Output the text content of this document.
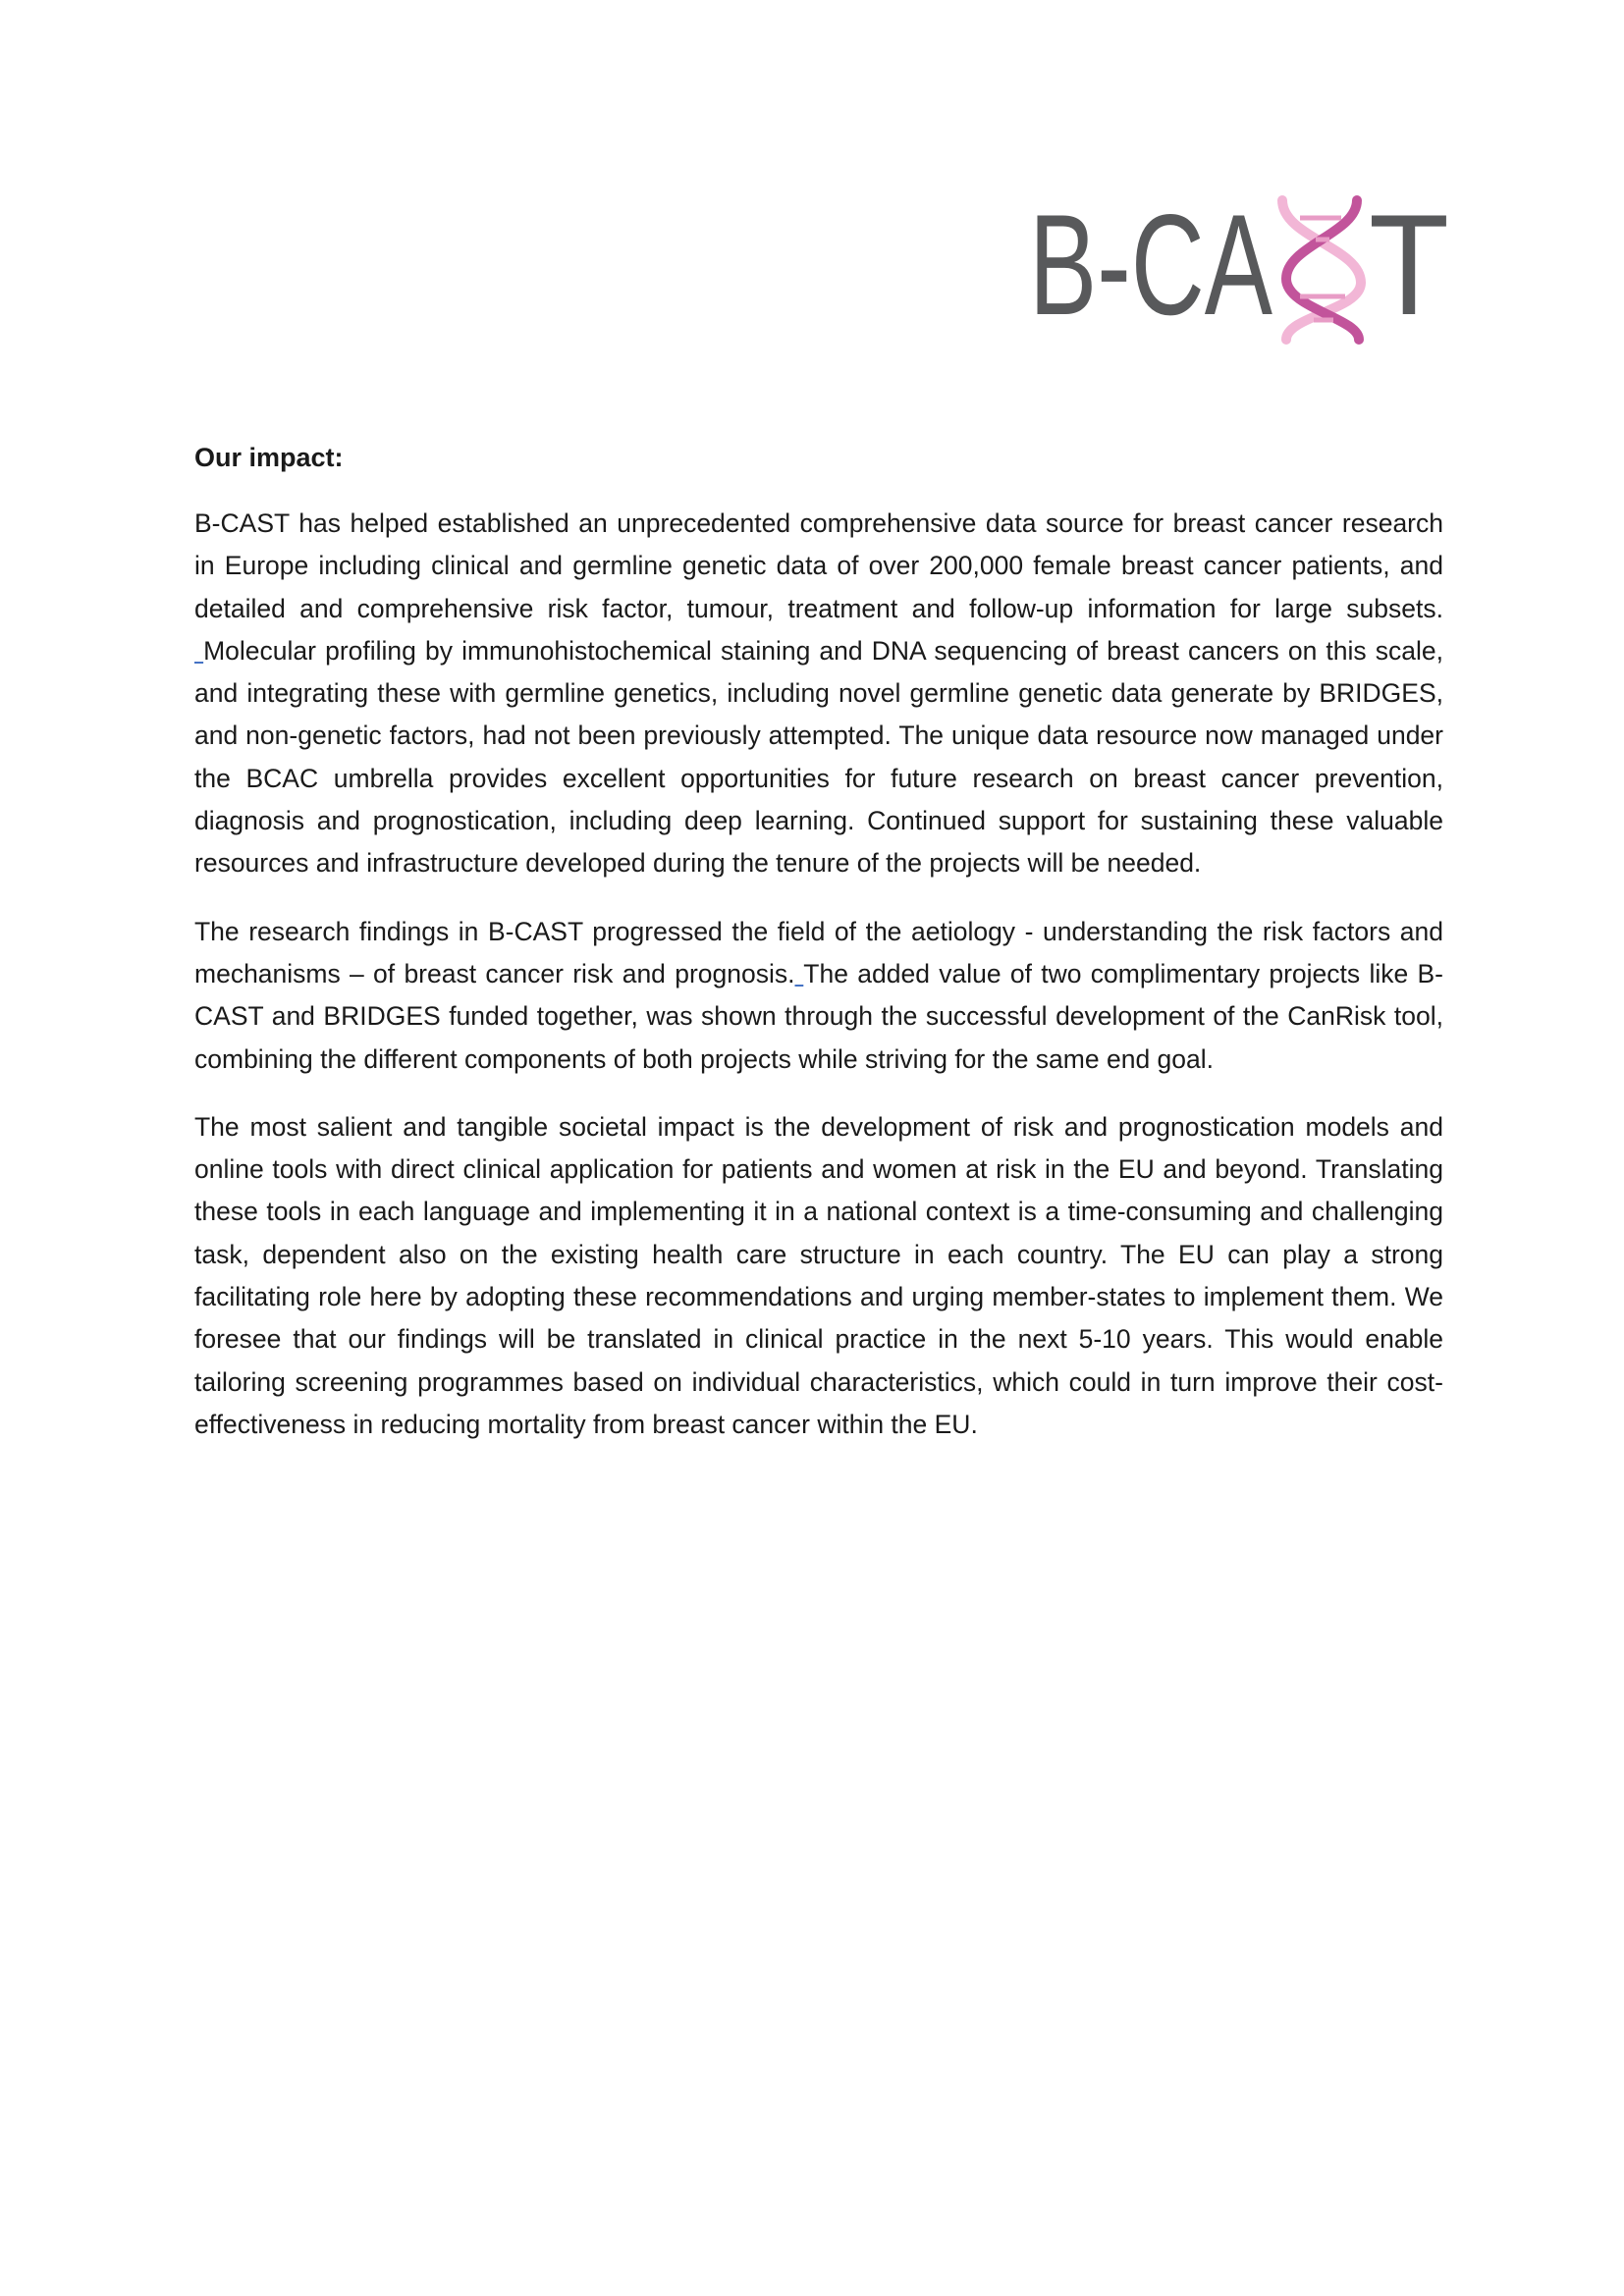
B-CA T
Our impact:

B-CAST has helped established an unprecedented comprehensive data source for breast cancer research in Europe including clinical and germline genetic data of over 200,000 female breast cancer patients, and detailed and comprehensive risk factor, tumour, treatment and follow-up information for large subsets. Molecular profiling by immunohistochemical staining and DNA sequencing of breast cancers on this scale, and integrating these with germline genetics, including novel germline genetic data generate by BRIDGES, and non-genetic factors, had not been previously attempted. The unique data resource now managed under the BCAC umbrella provides excellent opportunities for future research on breast cancer prevention, diagnosis and prognostication, including deep learning. Continued support for sustaining these valuable resources and infrastructure developed during the tenure of the projects will be needed.

The research findings in B-CAST progressed the field of the aetiology - understanding the risk factors and mechanisms – of breast cancer risk and prognosis. The added value of two complimentary projects like B-CAST and BRIDGES funded together, was shown through the successful development of the CanRisk tool, combining the different components of both projects while striving for the same end goal.

The most salient and tangible societal impact is the development of risk and prognostication models and online tools with direct clinical application for patients and women at risk in the EU and beyond. Translating these tools in each language and implementing it in a national context is a time-consuming and challenging task, dependent also on the existing health care structure in each country. The EU can play a strong facilitating role here by adopting these recommendations and urging member-states to implement them. We foresee that our findings will be translated in clinical practice in the next 5-10 years. This would enable tailoring screening programmes based on individual characteristics, which could in turn improve their cost-effectiveness in reducing mortality from breast cancer within the EU.
